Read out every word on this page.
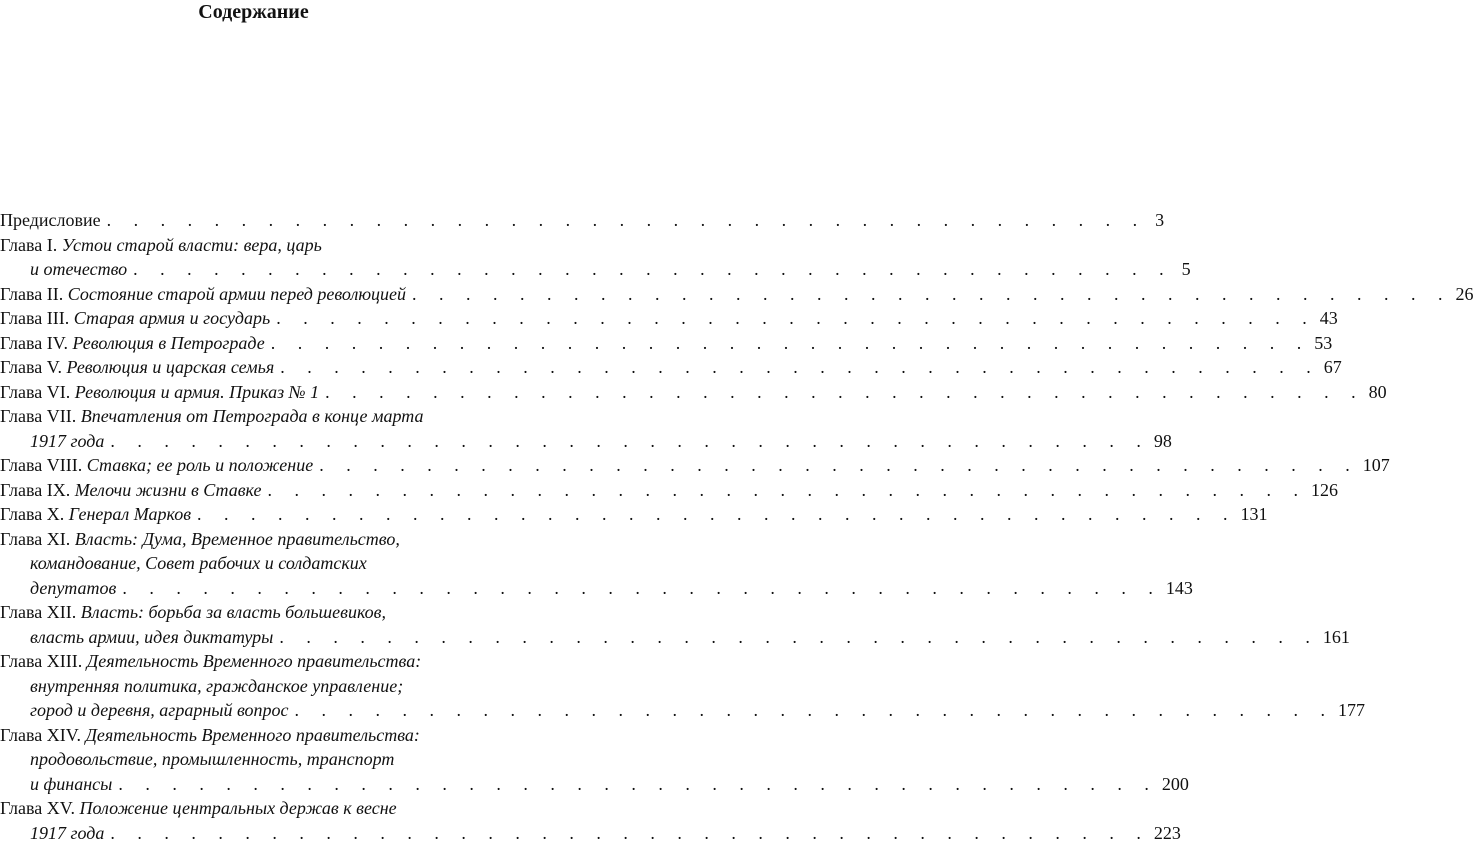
Содержание
Предисловие . . . . . . . . . . . . . . . . . . . . . . . . . . . . . . . . . . . . . . . 3
Глава I.
Устои старой власти: вера, царь
и отечество . . . . . . . . . . . . . . . . . . . . . . . . . . . . . . . . . . . . . . . 5
Глава II.
Состояние старой армии перед революцией . . . . . . . . . . . . . . . . . . . . . . . . . . . . . . . . . . . . . . . 26
Глава III.
Старая армия и государь . . . . . . . . . . . . . . . . . . . . . . . . . . . . . . . . . . . . . . . 43
Глава IV.
Революция в Петрограде . . . . . . . . . . . . . . . . . . . . . . . . . . . . . . . . . . . . . . . 53
Глава V.
Революция и царская семья . . . . . . . . . . . . . . . . . . . . . . . . . . . . . . . . . . . . . . . 67
Глава VI.
Революция и армия. Приказ № 1 . . . . . . . . . . . . . . . . . . . . . . . . . . . . . . . . . . . . . . . 80
Глава VII.
Впечатления от Петрограда в конце марта
1917 года . . . . . . . . . . . . . . . . . . . . . . . . . . . . . . . . . . . . . . . 98
Глава VIII.
Ставка; ее роль и положение . . . . . . . . . . . . . . . . . . . . . . . . . . . . . . . . . . . . . . . 107
Глава IX.
Мелочи жизни в Ставке . . . . . . . . . . . . . . . . . . . . . . . . . . . . . . . . . . . . . . . 126
Глава X.
Генерал Марков . . . . . . . . . . . . . . . . . . . . . . . . . . . . . . . . . . . . . . . 131
Глава XI.
Власть: Дума, Временное правительство,
командование, Совет рабочих и солдатских
депутатов . . . . . . . . . . . . . . . . . . . . . . . . . . . . . . . . . . . . . . . 143
Глава XII.
Власть: борьба за власть большевиков,
власть армии, идея диктатуры . . . . . . . . . . . . . . . . . . . . . . . . . . . . . . . . . . . . . . . 161
Глава XIII.
Деятельность Временного правительства:
внутренняя политика, гражданское управление;
город и деревня, аграрный вопрос . . . . . . . . . . . . . . . . . . . . . . . . . . . . . . . . . . . . . . . 177
Глава XIV.
Деятельность Временного правительства:
продовольствие, промышленность, транспорт
и финансы . . . . . . . . . . . . . . . . . . . . . . . . . . . . . . . . . . . . . . . 200
Глава XV.
Положение центральных держав к весне
1917 года . . . . . . . . . . . . . . . . . . . . . . . . . . . . . . . . . . . . . . . 223
